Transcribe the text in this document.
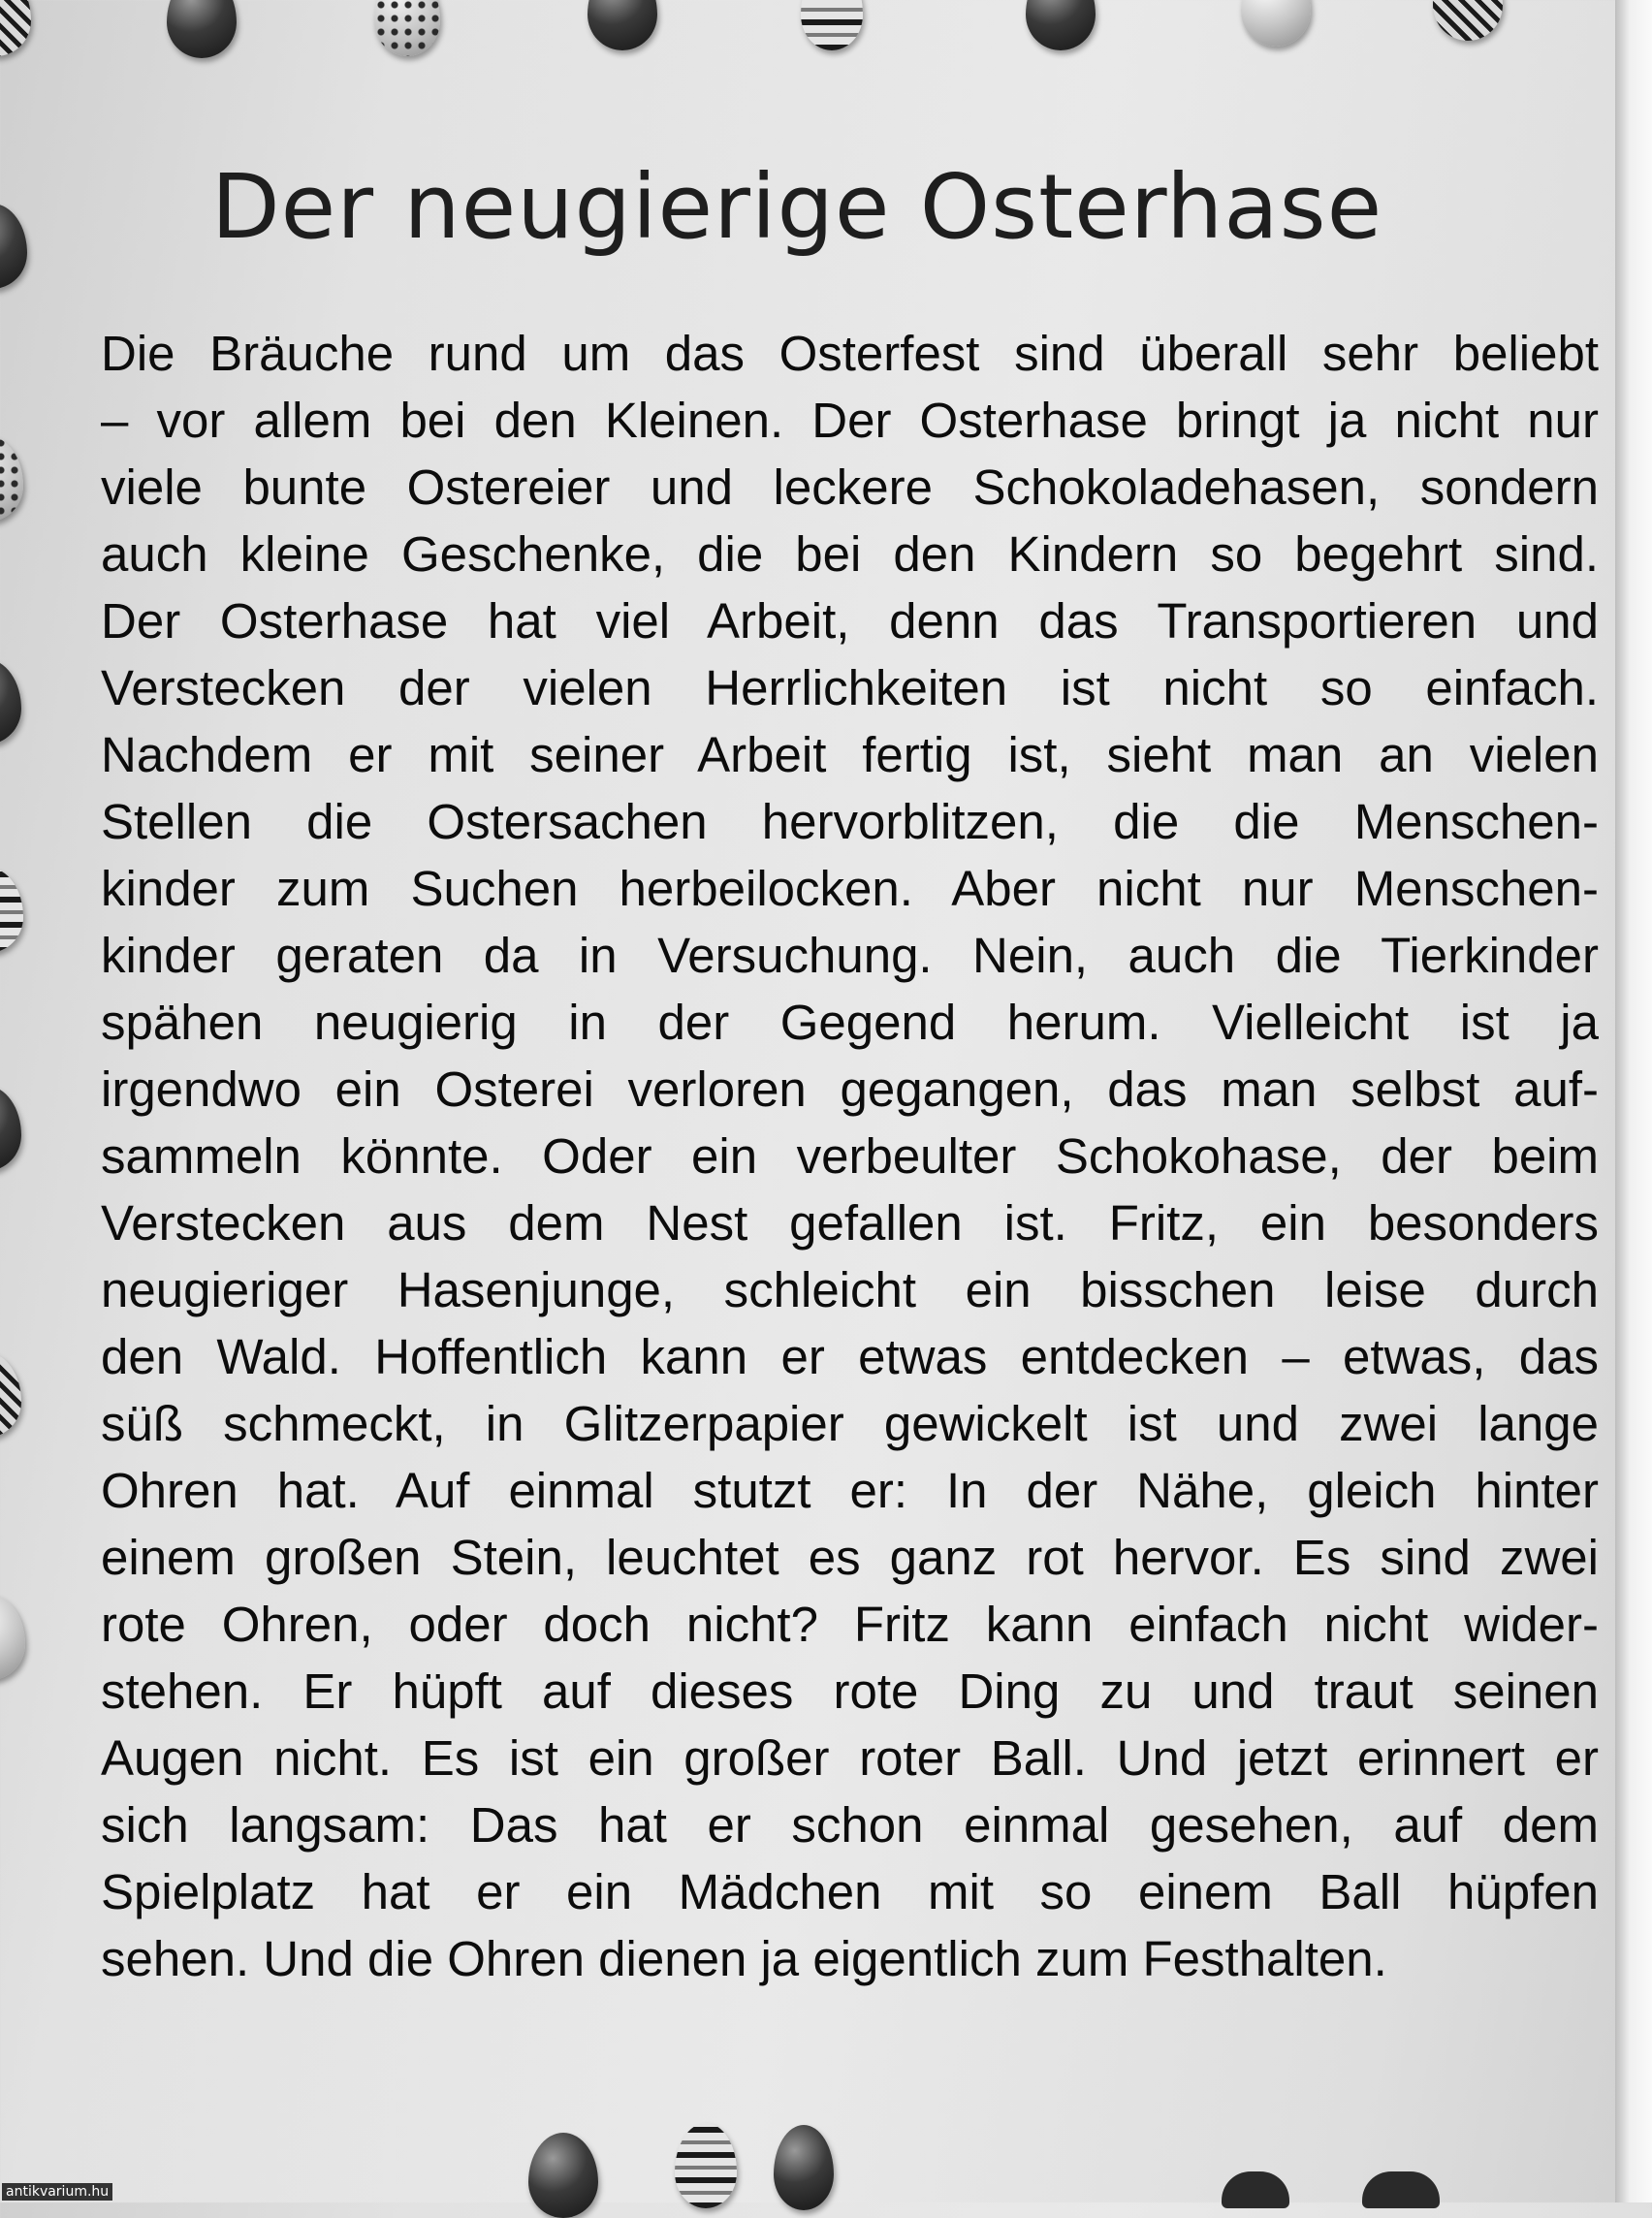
Der neugierige Osterhase
Die Bräuche rund um das Osterfest sind überall sehr beliebt
– vor allem bei den Kleinen. Der Osterhase bringt ja nicht nur
viele bunte Ostereier und leckere Schokoladehasen, sondern
auch kleine Geschenke, die bei den Kindern so begehrt sind.
Der Osterhase hat viel Arbeit, denn das Transportieren und
Verstecken der vielen Herrlichkeiten ist nicht so einfach.
Nachdem er mit seiner Arbeit fertig ist, sieht man an vielen
Stellen die Ostersachen hervorblitzen, die die Menschen-
kinder zum Suchen herbeilocken. Aber nicht nur Menschen-
kinder geraten da in Versuchung. Nein, auch die Tierkinder
spähen neugierig in der Gegend herum. Vielleicht ist ja
irgendwo ein Osterei verloren gegangen, das man selbst auf-
sammeln könnte. Oder ein verbeulter Schokohase, der beim
Verstecken aus dem Nest gefallen ist. Fritz, ein besonders
neugieriger Hasenjunge, schleicht ein bisschen leise durch
den Wald. Hoffentlich kann er etwas entdecken – etwas, das
süß schmeckt, in Glitzerpapier gewickelt ist und zwei lange
Ohren hat. Auf einmal stutzt er: In der Nähe, gleich hinter
einem großen Stein, leuchtet es ganz rot hervor. Es sind zwei
rote Ohren, oder doch nicht? Fritz kann einfach nicht wider-
stehen. Er hüpft auf dieses rote Ding zu und traut seinen
Augen nicht. Es ist ein großer roter Ball. Und jetzt erinnert er
sich langsam: Das hat er schon einmal gesehen, auf dem
Spielplatz hat er ein Mädchen mit so einem Ball hüpfen
sehen. Und die Ohren dienen ja eigentlich zum Festhalten.
antikvarium.hu
